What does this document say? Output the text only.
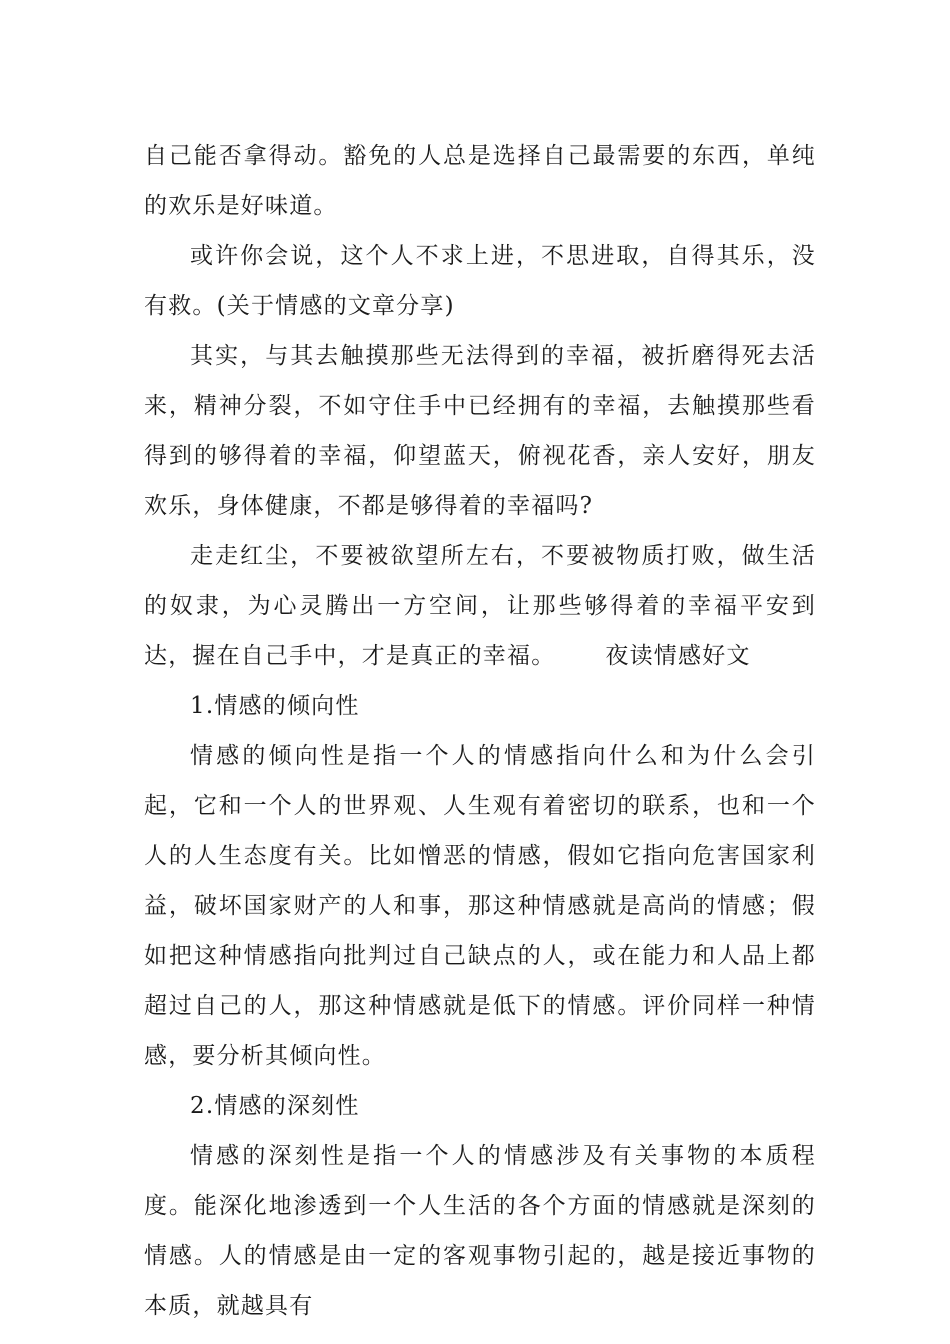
自己能否拿得动。豁免的人总是选择自己最需要的东西，单纯的欢乐是好味道。

或许你会说，这个人不求上进，不思进取，自得其乐，没有救。(关于情感的文章分享)

其实，与其去触摸那些无法得到的幸福，被折磨得死去活来，精神分裂，不如守住手中已经拥有的幸福，去触摸那些看得到的够得着的幸福，仰望蓝天，俯视花香，亲人安好，朋友欢乐，身体健康，不都是够得着的幸福吗?

走走红尘，不要被欲望所左右，不要被物质打败，做生活的奴隶，为心灵腾出一方空间，让那些够得着的幸福平安到达，握在自己手中，才是真正的幸福。 夜读情感好文

1.情感的倾向性

情感的倾向性是指一个人的情感指向什么和为什么会引起，它和一个人的世界观、人生观有着密切的联系，也和一个人的人生态度有关。比如憎恶的情感，假如它指向危害国家利益，破坏国家财产的人和事，那这种情感就是高尚的情感；假如把这种情感指向批判过自己缺点的人，或在能力和人品上都超过自己的人，那这种情感就是低下的情感。评价同样一种情感，要分析其倾向性。

2.情感的深刻性

情感的深刻性是指一个人的情感涉及有关事物的本质程度。能深化地渗透到一个人生活的各个方面的情感就是深刻的情感。人的情感是由一定的客观事物引起的，越是接近事物的本质，就越具有
